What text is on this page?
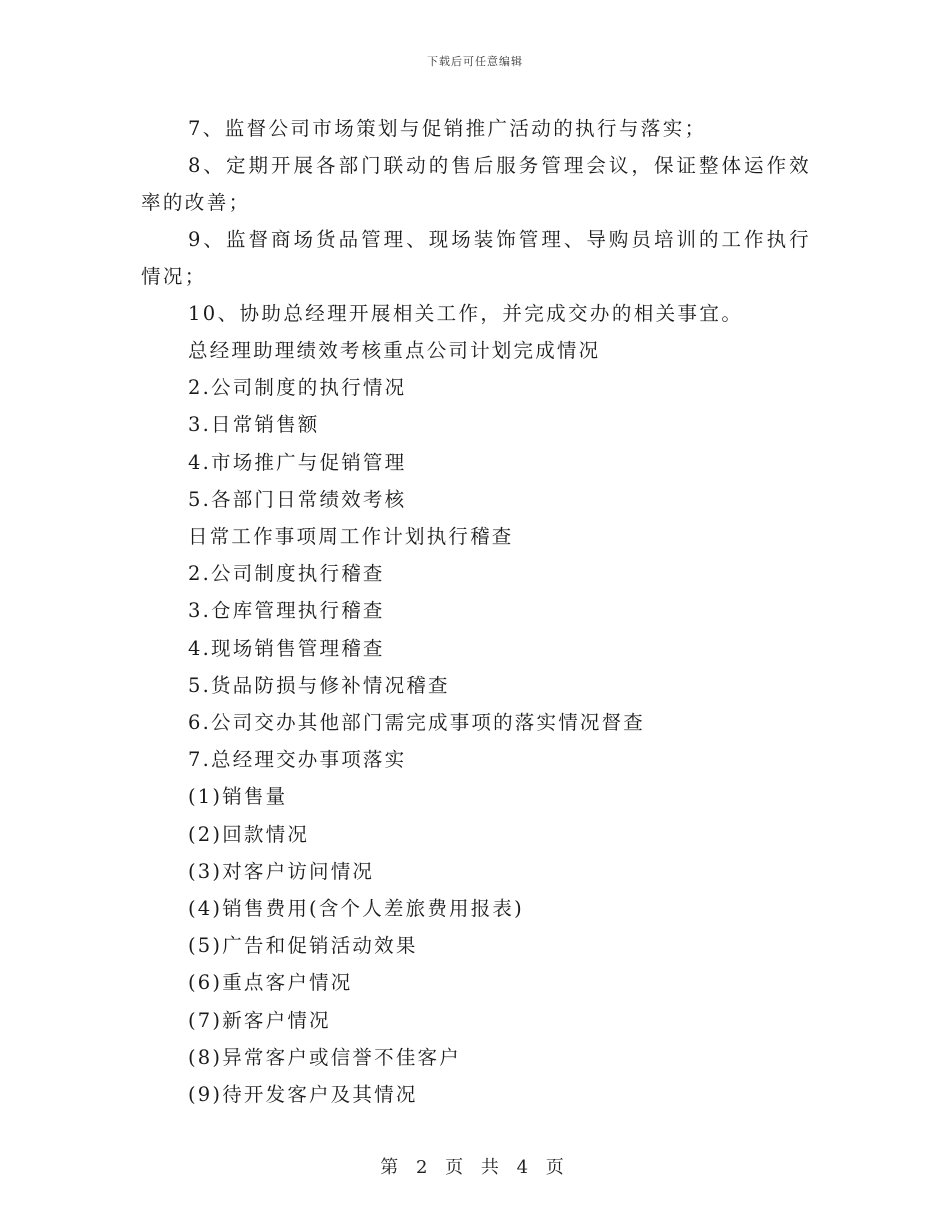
下载后可任意编辑

7、监督公司市场策划与促销推广活动的执行与落实；

8、定期开展各部门联动的售后服务管理会议，保证整体运作效率的改善；

9、监督商场货品管理、现场装饰管理、导购员培训的工作执行情况；

10、协助总经理开展相关工作，并完成交办的相关事宜。

总经理助理绩效考核重点公司计划完成情况

2.公司制度的执行情况

3.日常销售额

4.市场推广与促销管理

5.各部门日常绩效考核

日常工作事项周工作计划执行稽查

2.公司制度执行稽查

3.仓库管理执行稽查

4.现场销售管理稽查

5.货品防损与修补情况稽查

6.公司交办其他部门需完成事项的落实情况督查

7.总经理交办事项落实

(1)销售量

(2)回款情况

(3)对客户访问情况

(4)销售费用(含个人差旅费用报表)

(5)广告和促销活动效果

(6)重点客户情况

(7)新客户情况

(8)异常客户或信誉不佳客户

(9)待开发客户及其情况

第 2 页 共 4 页
